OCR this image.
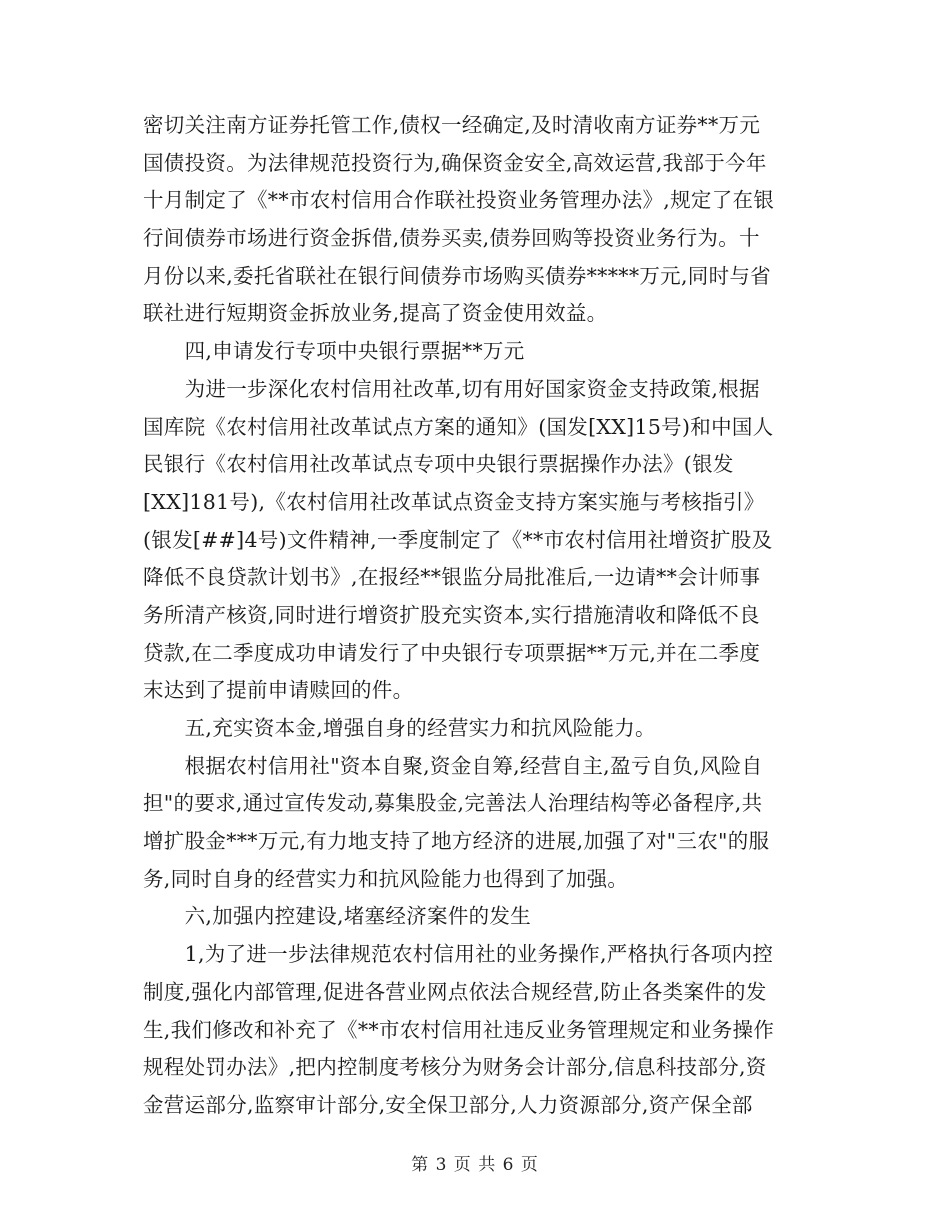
密切关注南方证券托管工作,债权一经确定,及时清收南方证券**万元
国债投资。为法律规范投资行为,确保资金安全,高效运营,我部于今年
十月制定了《**市农村信用合作联社投资业务管理办法》,规定了在银
行间债券市场进行资金拆借,债券买卖,债券回购等投资业务行为。十
月份以来,委托省联社在银行间债券市场购买债券*****万元,同时与省
联社进行短期资金拆放业务,提高了资金使用效益。
　　四,申请发行专项中央银行票据**万元
　　为进一步深化农村信用社改革,切有用好国家资金支持政策,根据
国库院《农村信用社改革试点方案的通知》(国发[XX]15号)和中国人
民银行《农村信用社改革试点专项中央银行票据操作办法》(银发
[XX]181号),《农村信用社改革试点资金支持方案实施与考核指引》
(银发[##]4号)文件精神,一季度制定了《**市农村信用社增资扩股及
降低不良贷款计划书》,在报经**银监分局批准后,一边请**会计师事
务所清产核资,同时进行增资扩股充实资本,实行措施清收和降低不良
贷款,在二季度成功申请发行了中央银行专项票据**万元,并在二季度
末达到了提前申请赎回的件。
　　五,充实资本金,增强自身的经营实力和抗风险能力。
　　根据农村信用社"资本自聚,资金自筹,经营自主,盈亏自负,风险自
担"的要求,通过宣传发动,募集股金,完善法人治理结构等必备程序,共
增扩股金***万元,有力地支持了地方经济的进展,加强了对"三农"的服
务,同时自身的经营实力和抗风险能力也得到了加强。
　　六,加强内控建设,堵塞经济案件的发生
　　1,为了进一步法律规范农村信用社的业务操作,严格执行各项内控
制度,强化内部管理,促进各营业网点依法合规经营,防止各类案件的发
生,我们修改和补充了《**市农村信用社违反业务管理规定和业务操作
规程处罚办法》,把内控制度考核分为财务会计部分,信息科技部分,资
金营运部分,监察审计部分,安全保卫部分,人力资源部分,资产保全部
第 3 页 共 6 页
